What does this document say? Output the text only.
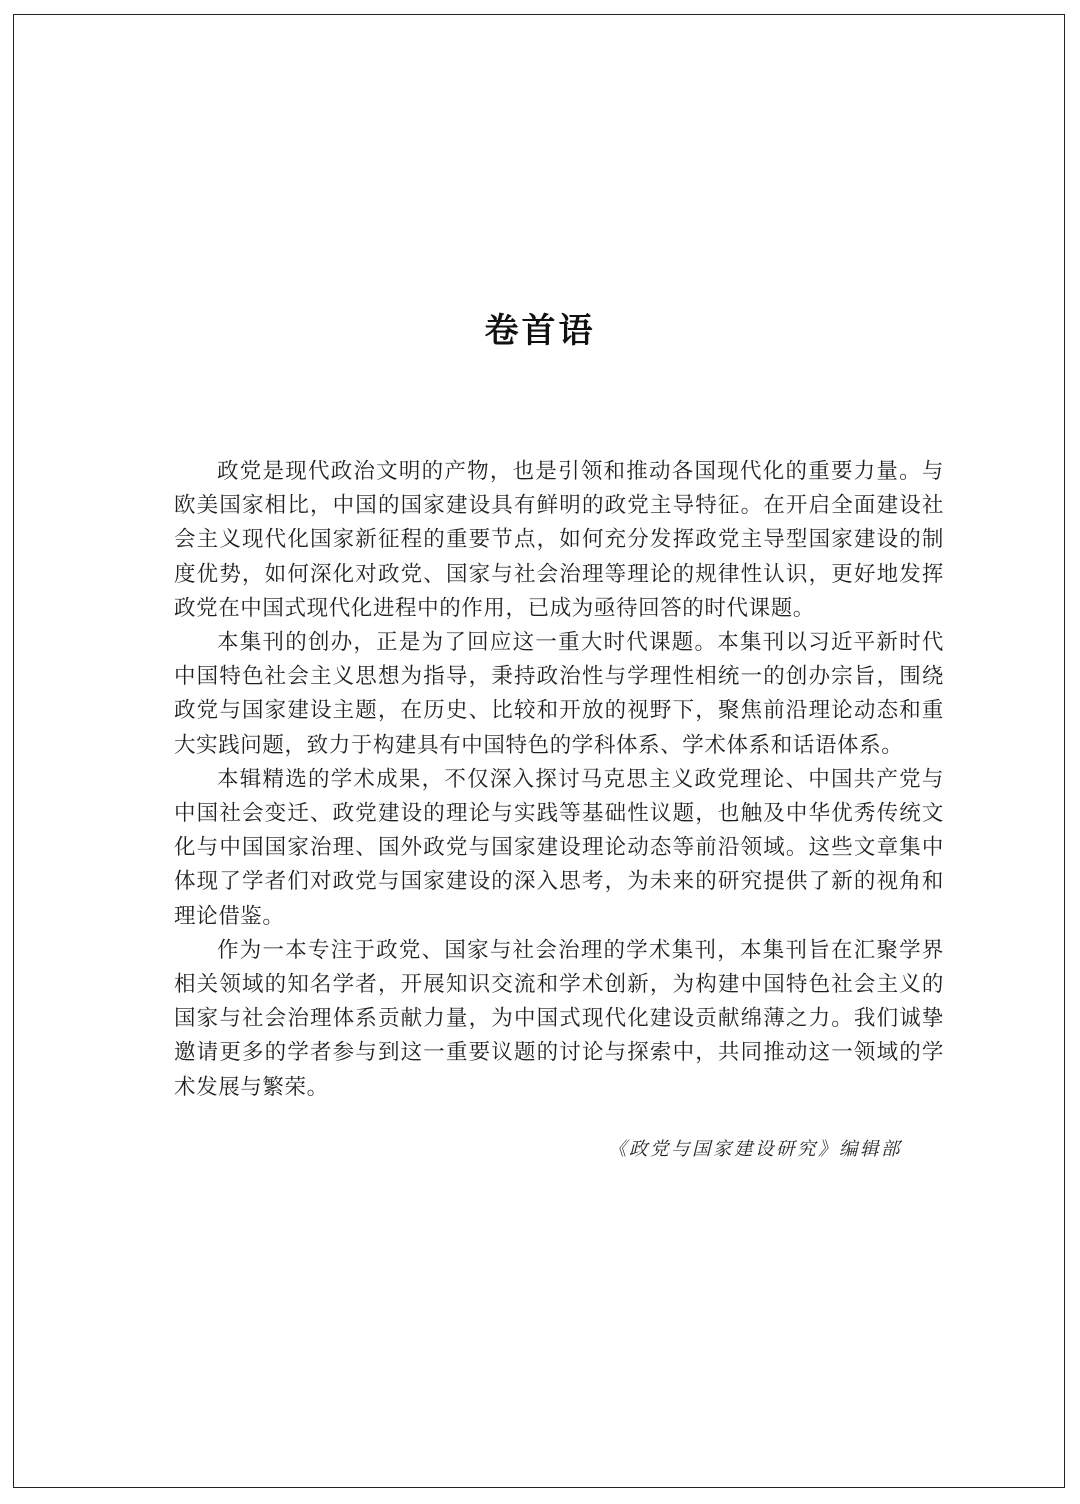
卷首语

政党是现代政治文明的产物，也是引领和推动各国现代化的重要力量。与欧美国家相比，中国的国家建设具有鲜明的政党主导特征。在开启全面建设社会主义现代化国家新征程的重要节点，如何充分发挥政党主导型国家建设的制度优势，如何深化对政党、国家与社会治理等理论的规律性认识，更好地发挥政党在中国式现代化进程中的作用，已成为亟待回答的时代课题。

本集刊的创办，正是为了回应这一重大时代课题。本集刊以习近平新时代中国特色社会主义思想为指导，秉持政治性与学理性相统一的创办宗旨，围绕政党与国家建设主题，在历史、比较和开放的视野下，聚焦前沿理论动态和重大实践问题，致力于构建具有中国特色的学科体系、学术体系和话语体系。

本辑精选的学术成果，不仅深入探讨马克思主义政党理论、中国共产党与中国社会变迁、政党建设的理论与实践等基础性议题，也触及中华优秀传统文化与中国国家治理、国外政党与国家建设理论动态等前沿领域。这些文章集中体现了学者们对政党与国家建设的深入思考，为未来的研究提供了新的视角和理论借鉴。

作为一本专注于政党、国家与社会治理的学术集刊，本集刊旨在汇聚学界相关领域的知名学者，开展知识交流和学术创新，为构建中国特色社会主义的国家与社会治理体系贡献力量，为中国式现代化建设贡献绵薄之力。我们诚挚邀请更多的学者参与到这一重要议题的讨论与探索中，共同推动这一领域的学术发展与繁荣。

《政党与国家建设研究》编辑部
